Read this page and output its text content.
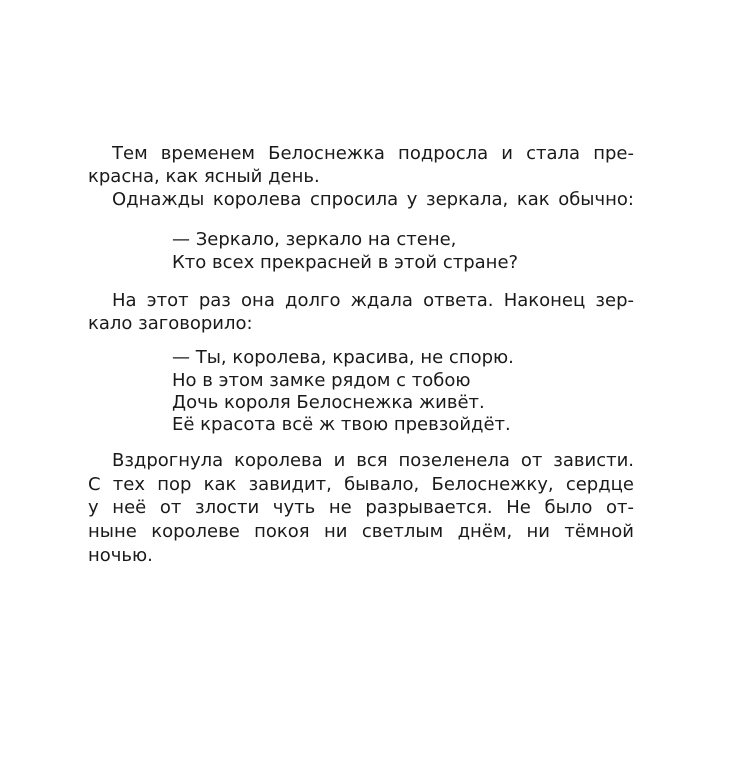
Тем временем Белоснежка подросла и стала пре-
красна, как ясный день.
Однажды королева спросила у зеркала, как обычно:
— Зеркало, зеркало на стене,
Кто всех прекрасней в этой стране?
На этот раз она долго ждала ответа. Наконец зер-
кало заговорило:
— Ты, королева, красива, не спорю.
Но в этом замке рядом с тобою
Дочь короля Белоснежка живёт.
Её красота всё ж твою превзойдёт.
Вздрогнула королева и вся позеленела от зависти.
С тех пор как завидит, бывало, Белоснежку, сердце
у неё от злости чуть не разрывается. Не было от-
ныне королеве покоя ни светлым днём, ни тёмной
ночью.
